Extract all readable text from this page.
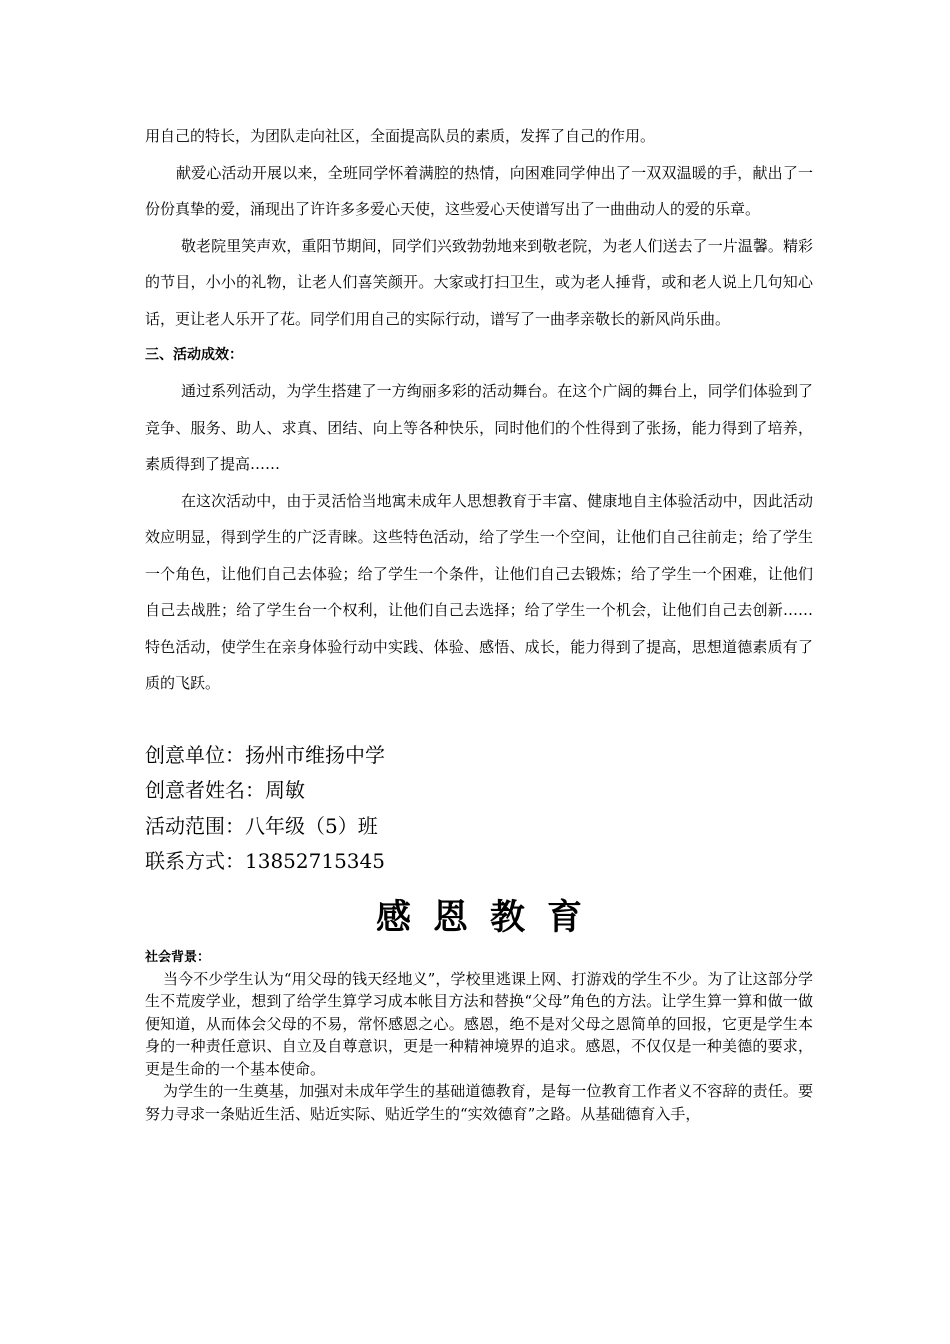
用自己的特长，为团队走向社区，全面提高队员的素质，发挥了自己的作用。

献爱心活动开展以来，全班同学怀着满腔的热情，向困难同学伸出了一双双温暖的手，献出了一份份真挚的爱，涌现出了许许多多爱心天使，这些爱心天使谱写出了一曲曲动人的爱的乐章。

敬老院里笑声欢，重阳节期间，同学们兴致勃勃地来到敬老院，为老人们送去了一片温馨。精彩的节目，小小的礼物，让老人们喜笑颜开。大家或打扫卫生，或为老人捶背，或和老人说上几句知心话，更让老人乐开了花。同学们用自己的实际行动，谱写了一曲孝亲敬长的新风尚乐曲。

三、活动成效：

通过系列活动，为学生搭建了一方绚丽多彩的活动舞台。在这个广阔的舞台上，同学们体验到了竞争、服务、助人、求真、团结、向上等各种快乐，同时他们的个性得到了张扬，能力得到了培养，素质得到了提高……

在这次活动中，由于灵活恰当地寓未成年人思想教育于丰富、健康地自主体验活动中，因此活动效应明显，得到学生的广泛青睐。这些特色活动，给了学生一个空间，让他们自己往前走；给了学生一个角色，让他们自己去体验；给了学生一个条件，让他们自己去锻炼；给了学生一个困难，让他们自己去战胜；给了学生台一个权利，让他们自己去选择；给了学生一个机会，让他们自己去创新……特色活动，使学生在亲身体验行动中实践、体验、感悟、成长，能力得到了提高，思想道德素质有了质的飞跃。

创意单位：扬州市维扬中学

创意者姓名：周敏

活动范围：八年级（5）班

联系方式：13852715345

感恩教育

社会背景：

当今不少学生认为“用父母的钱天经地义”，学校里逃课上网、打游戏的学生不少。为了让这部分学生不荒废学业，想到了给学生算学习成本帐目方法和替换“父母”角色的方法。让学生算一算和做一做便知道，从而体会父母的不易，常怀感恩之心。感恩，绝不是对父母之恩简单的回报，它更是学生本身的一种责任意识、自立及自尊意识，更是一种精神境界的追求。感恩，不仅仅是一种美德的要求，更是生命的一个基本使命。

为学生的一生奠基，加强对未成年学生的基础道德教育，是每一位教育工作者义不容辞的责任。要努力寻求一条贴近生活、贴近实际、贴近学生的“实效德育”之路。从基础德育入手，
